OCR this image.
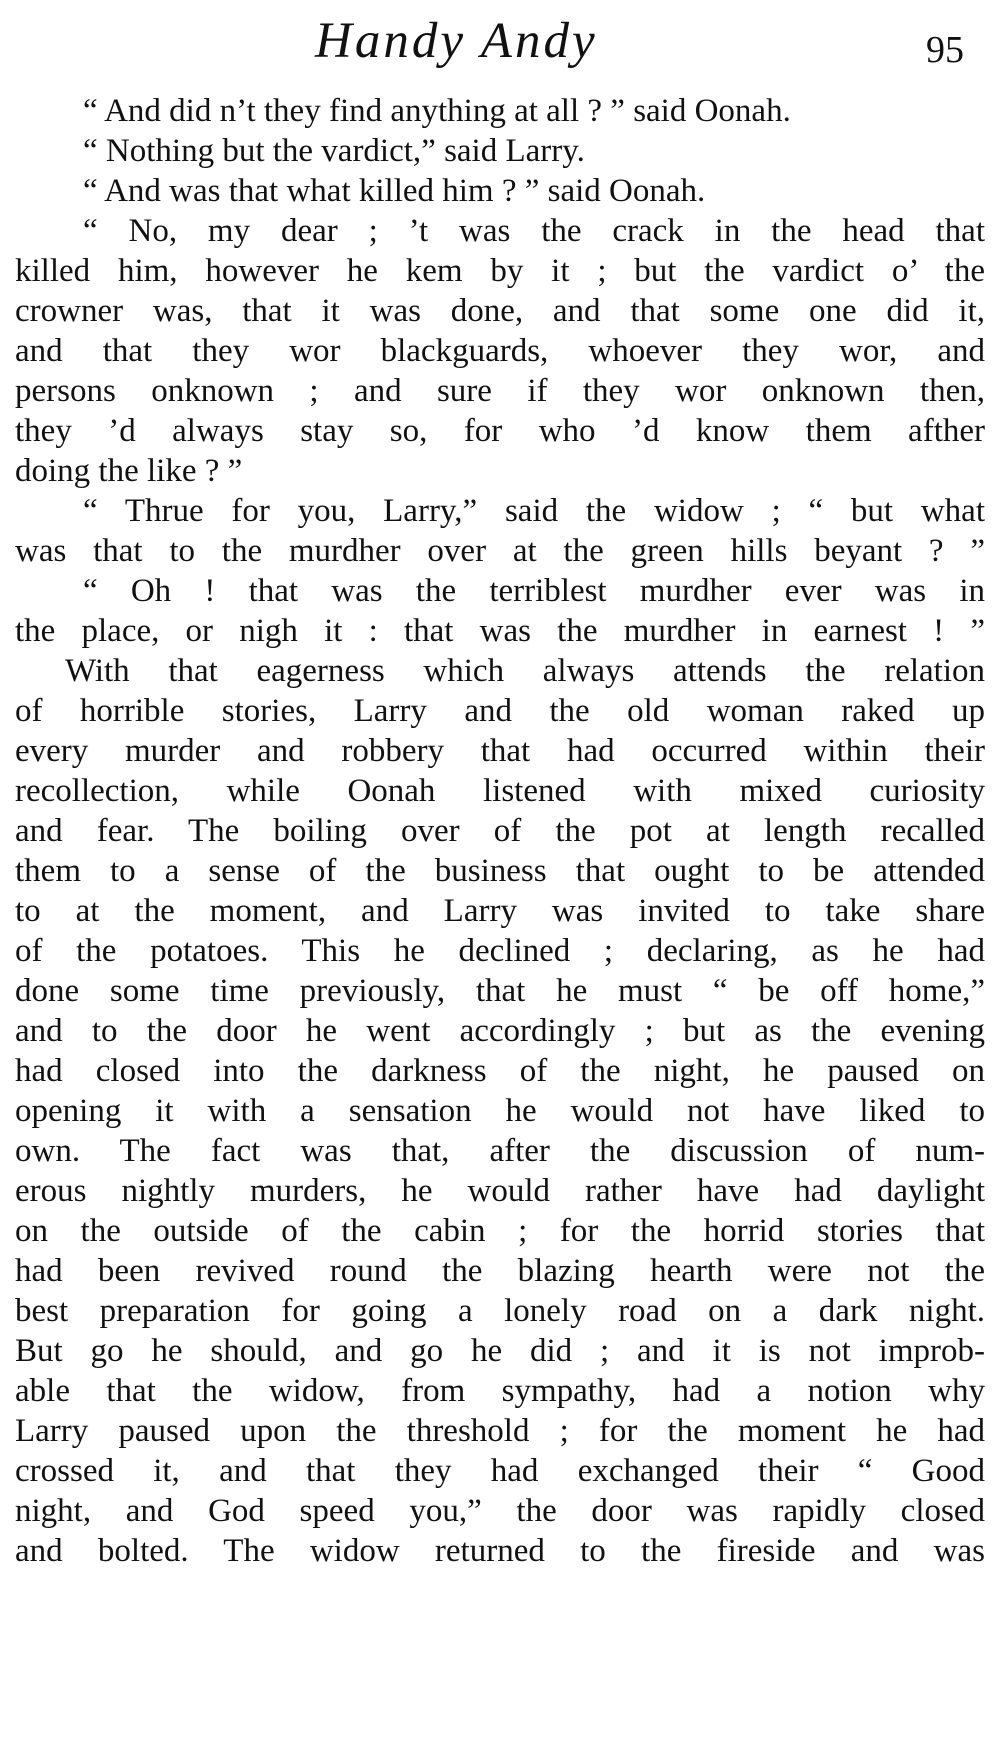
Handy Andy	95
“ And did n’t they find anything at all ? ” said Oonah.
“ Nothing but the vardict,” said Larry.
“ And was that what killed him ? ” said Oonah.
“ No, my dear ; ’t was the crack in the head that
killed him, however he kem by it ; but the vardict o’ the
crowner was, that it was done, and that some one did it,
and that they wor blackguards, whoever they wor, and
persons onknown ; and sure if they wor onknown then,
they ’d always stay so, for who ’d know them afther
doing the like ? ”
“ Thrue for you, Larry,” said the widow ; “ but what
was that to the murdher over at the green hills beyant ? ”
“ Oh ! that was the terriblest murdher ever was in
the place, or nigh it : that was the murdher in earnest ! ”
With that eagerness which always attends the relation
of horrible stories, Larry and the old woman raked up
every murder and robbery that had occurred within their
recollection, while Oonah listened with mixed curiosity
and fear. The boiling over of the pot at length recalled
them to a sense of the business that ought to be attended
to at the moment, and Larry was invited to take share
of the potatoes. This he declined ; declaring, as he had
done some time previously, that he must “ be off home,”
and to the door he went accordingly ; but as the evening
had closed into the darkness of the night, he paused on
opening it with a sensation he would not have liked to
own. The fact was that, after the discussion of num-
erous nightly murders, he would rather have had daylight
on the outside of the cabin ; for the horrid stories that
had been revived round the blazing hearth were not the
best preparation for going a lonely road on a dark night.
But go he should, and go he did ; and it is not improb-
able that the widow, from sympathy, had a notion why
Larry paused upon the threshold ; for the moment he had
crossed it, and that they had exchanged their “ Good
night, and God speed you,” the door was rapidly closed
and bolted. The widow returned to the fireside and was
